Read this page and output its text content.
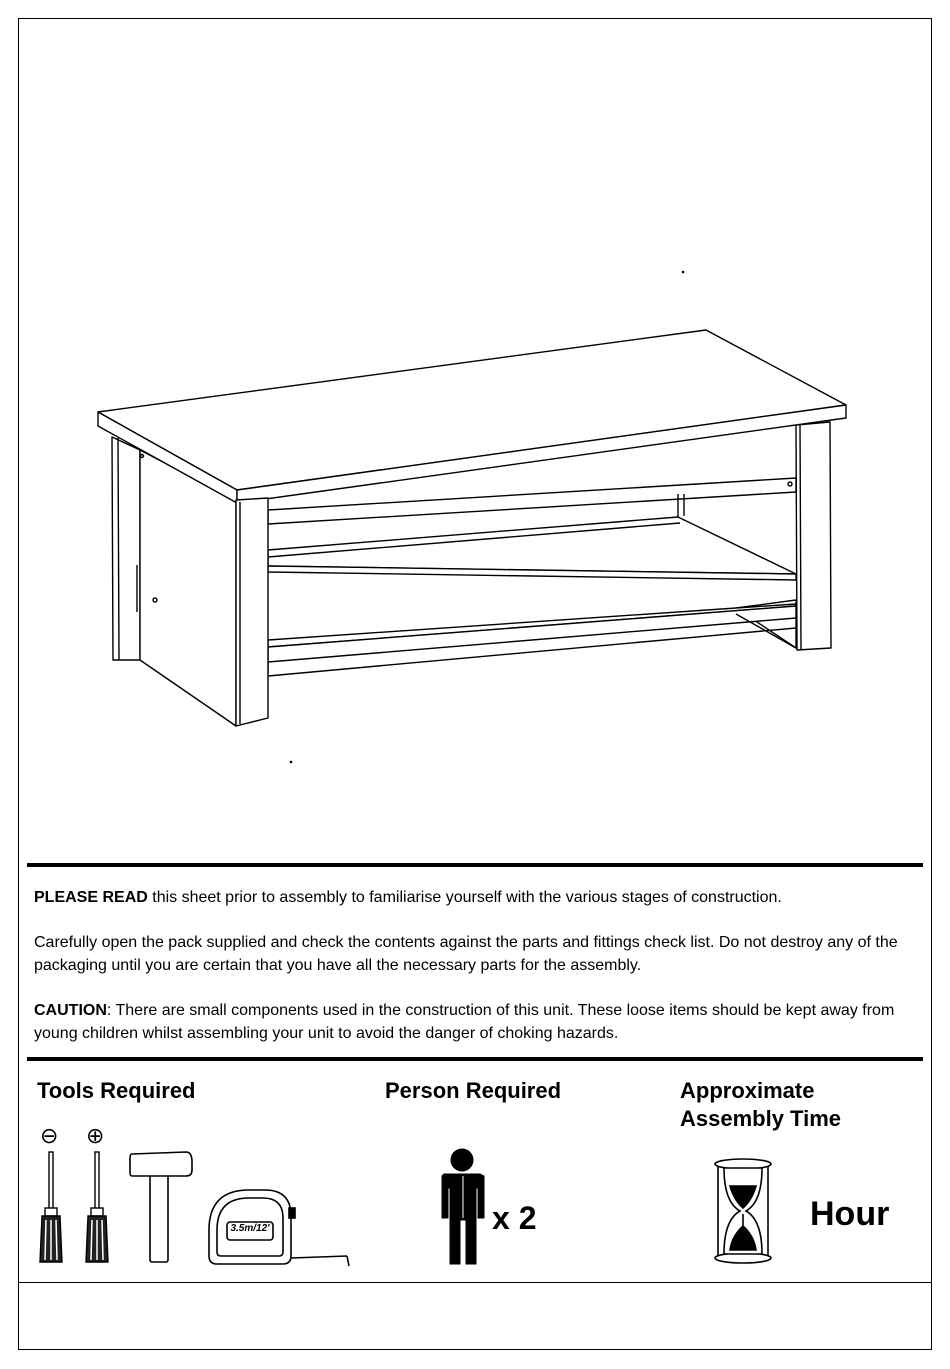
PLEASE READ this sheet prior to assembly to familiarise yourself with the various stages of construction.
Carefully open the pack supplied and check the contents against the parts and fittings check list. Do not destroy any of the packaging until you are certain that you have all the necessary parts for the assembly.
CAUTION: There are small components used in the construction of this unit. These loose items should be kept away from young children whilst assembling your unit to avoid the danger of choking hazards.
Tools Required	Person Required	Approximate
Assembly Time
⊖ ⊕
3.5m/12'	x 2	Hour
